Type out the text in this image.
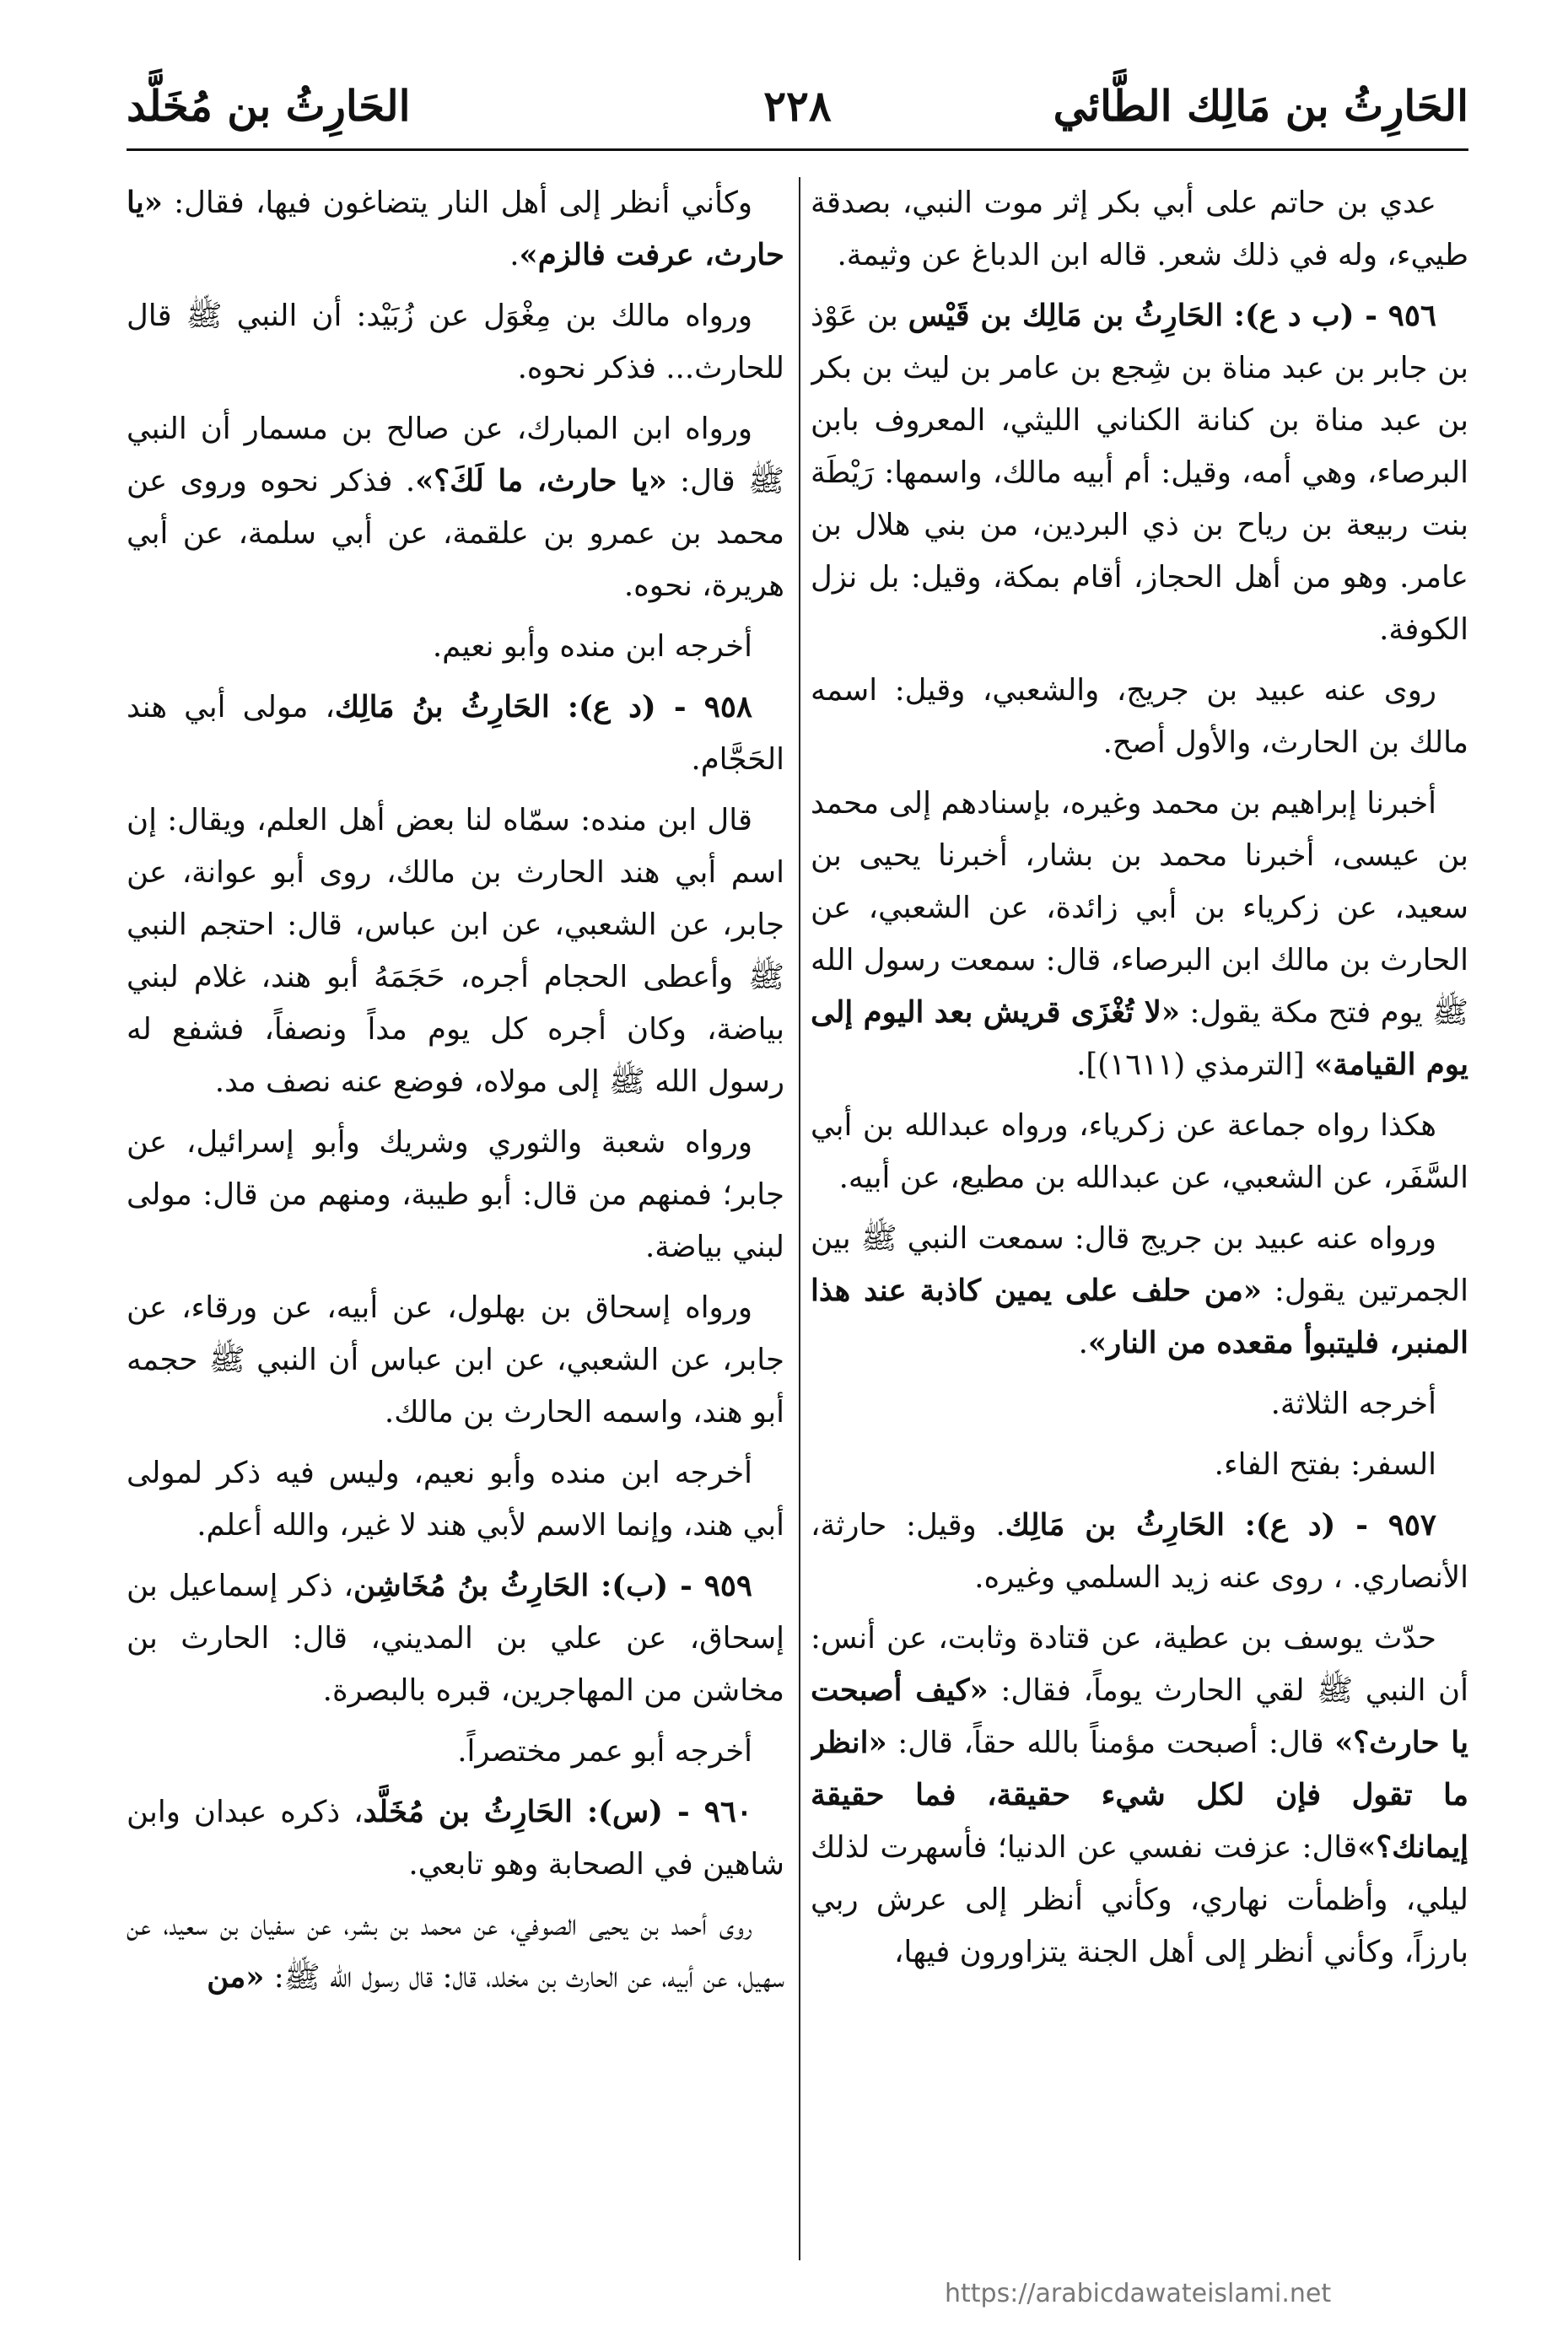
الحَارِثُ بن مَالِك الطَّائي
٢٢٨
الحَارِثُ بن مُخَلَّد

عدي بن حاتم على أبي بكر إثر موت النبي، بصدقة طييء، وله في ذلك شعر. قاله ابن الدباغ عن وثيمة.

٩٥٦ - (ب د ع): الحَارِثُ بن مَالِك بن قَيْس بن عَوْذ بن جابر بن عبد مناة بن شِجع بن عامر بن ليث بن بكر بن عبد مناة بن كنانة الكناني الليثي، المعروف بابن البرصاء، وهي أمه، وقيل: أم أبيه مالك، واسمها: رَيْطَة بنت ربيعة بن رياح بن ذي البردين، من بني هلال بن عامر. وهو من أهل الحجاز، أقام بمكة، وقيل: بل نزل الكوفة.

روى عنه عبيد بن جريج، والشعبي، وقيل: اسمه مالك بن الحارث، والأول أصح.

أخبرنا إبراهيم بن محمد وغيره، بإسنادهم إلى محمد بن عيسى، أخبرنا محمد بن بشار، أخبرنا يحيى بن سعيد، عن زكرياء بن أبي زائدة، عن الشعبي، عن الحارث بن مالك ابن البرصاء، قال: سمعت رسول الله ﷺ يوم فتح مكة يقول: «لا تُغْزَى قريش بعد اليوم إلى يوم القيامة» [الترمذي (١٦١١)].

هكذا رواه جماعة عن زكرياء، ورواه عبدالله بن أبي السَّفَر، عن الشعبي، عن عبدالله بن مطيع، عن أبيه.

ورواه عنه عبيد بن جريج قال: سمعت النبي ﷺ بين الجمرتين يقول: «من حلف على يمين كاذبة عند هذا المنبر، فليتبوأ مقعده من النار».

أخرجه الثلاثة.

السفر: بفتح الفاء.

٩٥٧ - (د ع): الحَارِثُ بن مَالِك. وقيل: حارثة، الأنصاري. ، روى عنه زيد السلمي وغيره.

حدّث يوسف بن عطية، عن قتادة وثابت، عن أنس: أن النبي ﷺ لقي الحارث يوماً، فقال: «كيف أصبحت يا حارث؟» قال: أصبحت مؤمناً بالله حقاً، قال: «انظر ما تقول فإن لكل شيء حقيقة، فما حقيقة إيمانك؟»قال: عزفت نفسي عن الدنيا؛ فأسهرت لذلك ليلي، وأظمأت نهاري، وكأني أنظر إلى عرش ربي بارزاً، وكأني أنظر إلى أهل الجنة يتزاورون فيها،

وكأني أنظر إلى أهل النار يتضاغون فيها، فقال: «يا حارث، عرفت فالزم».

ورواه مالك بن مِغْوَل عن زُبَيْد: أن النبي ﷺ قال للحارث... فذكر نحوه.

ورواه ابن المبارك، عن صالح بن مسمار أن النبي ﷺ قال: «يا حارث، ما لَكَ؟». فذكر نحوه وروى عن محمد بن عمرو بن علقمة، عن أبي سلمة، عن أبي هريرة، نحوه.

أخرجه ابن منده وأبو نعيم.

٩٥٨ - (د ع): الحَارِثُ بنُ مَالِك، مولى أبي هند الحَجَّام.

قال ابن منده: سمّاه لنا بعض أهل العلم، ويقال: إن اسم أبي هند الحارث بن مالك، روى أبو عوانة، عن جابر، عن الشعبي، عن ابن عباس، قال: احتجم النبي ﷺ وأعطى الحجام أجره، حَجَمَهُ أبو هند، غلام لبني بياضة، وكان أجره كل يوم مداً ونصفاً، فشفع له رسول الله ﷺ إلى مولاه، فوضع عنه نصف مد.

ورواه شعبة والثوري وشريك وأبو إسرائيل، عن جابر؛ فمنهم من قال: أبو طيبة، ومنهم من قال: مولى لبني بياضة.

ورواه إسحاق بن بهلول، عن أبيه، عن ورقاء، عن جابر، عن الشعبي، عن ابن عباس أن النبي ﷺ حجمه أبو هند، واسمه الحارث بن مالك.

أخرجه ابن منده وأبو نعيم، وليس فيه ذكر لمولى أبي هند، وإنما الاسم لأبي هند لا غير، والله أعلم.

٩٥٩ - (ب): الحَارِثُ بنُ مُخَاشِن، ذكر إسماعيل بن إسحاق، عن علي بن المديني، قال: الحارث بن مخاشن من المهاجرين، قبره بالبصرة.

أخرجه أبو عمر مختصراً.

٩٦٠ - (س): الحَارِثُ بن مُخَلَّد، ذكره عبدان وابن شاهين في الصحابة وهو تابعي.

روى أحمد بن يحيى الصوفي، عن محمد بن بشر، عن سفيان بن سعيد، عن سهيل، عن أبيه، عن الحارث بن مخلد، قال: قال رسول الله ﷺ: «من

https://arabicdawateislami.net
